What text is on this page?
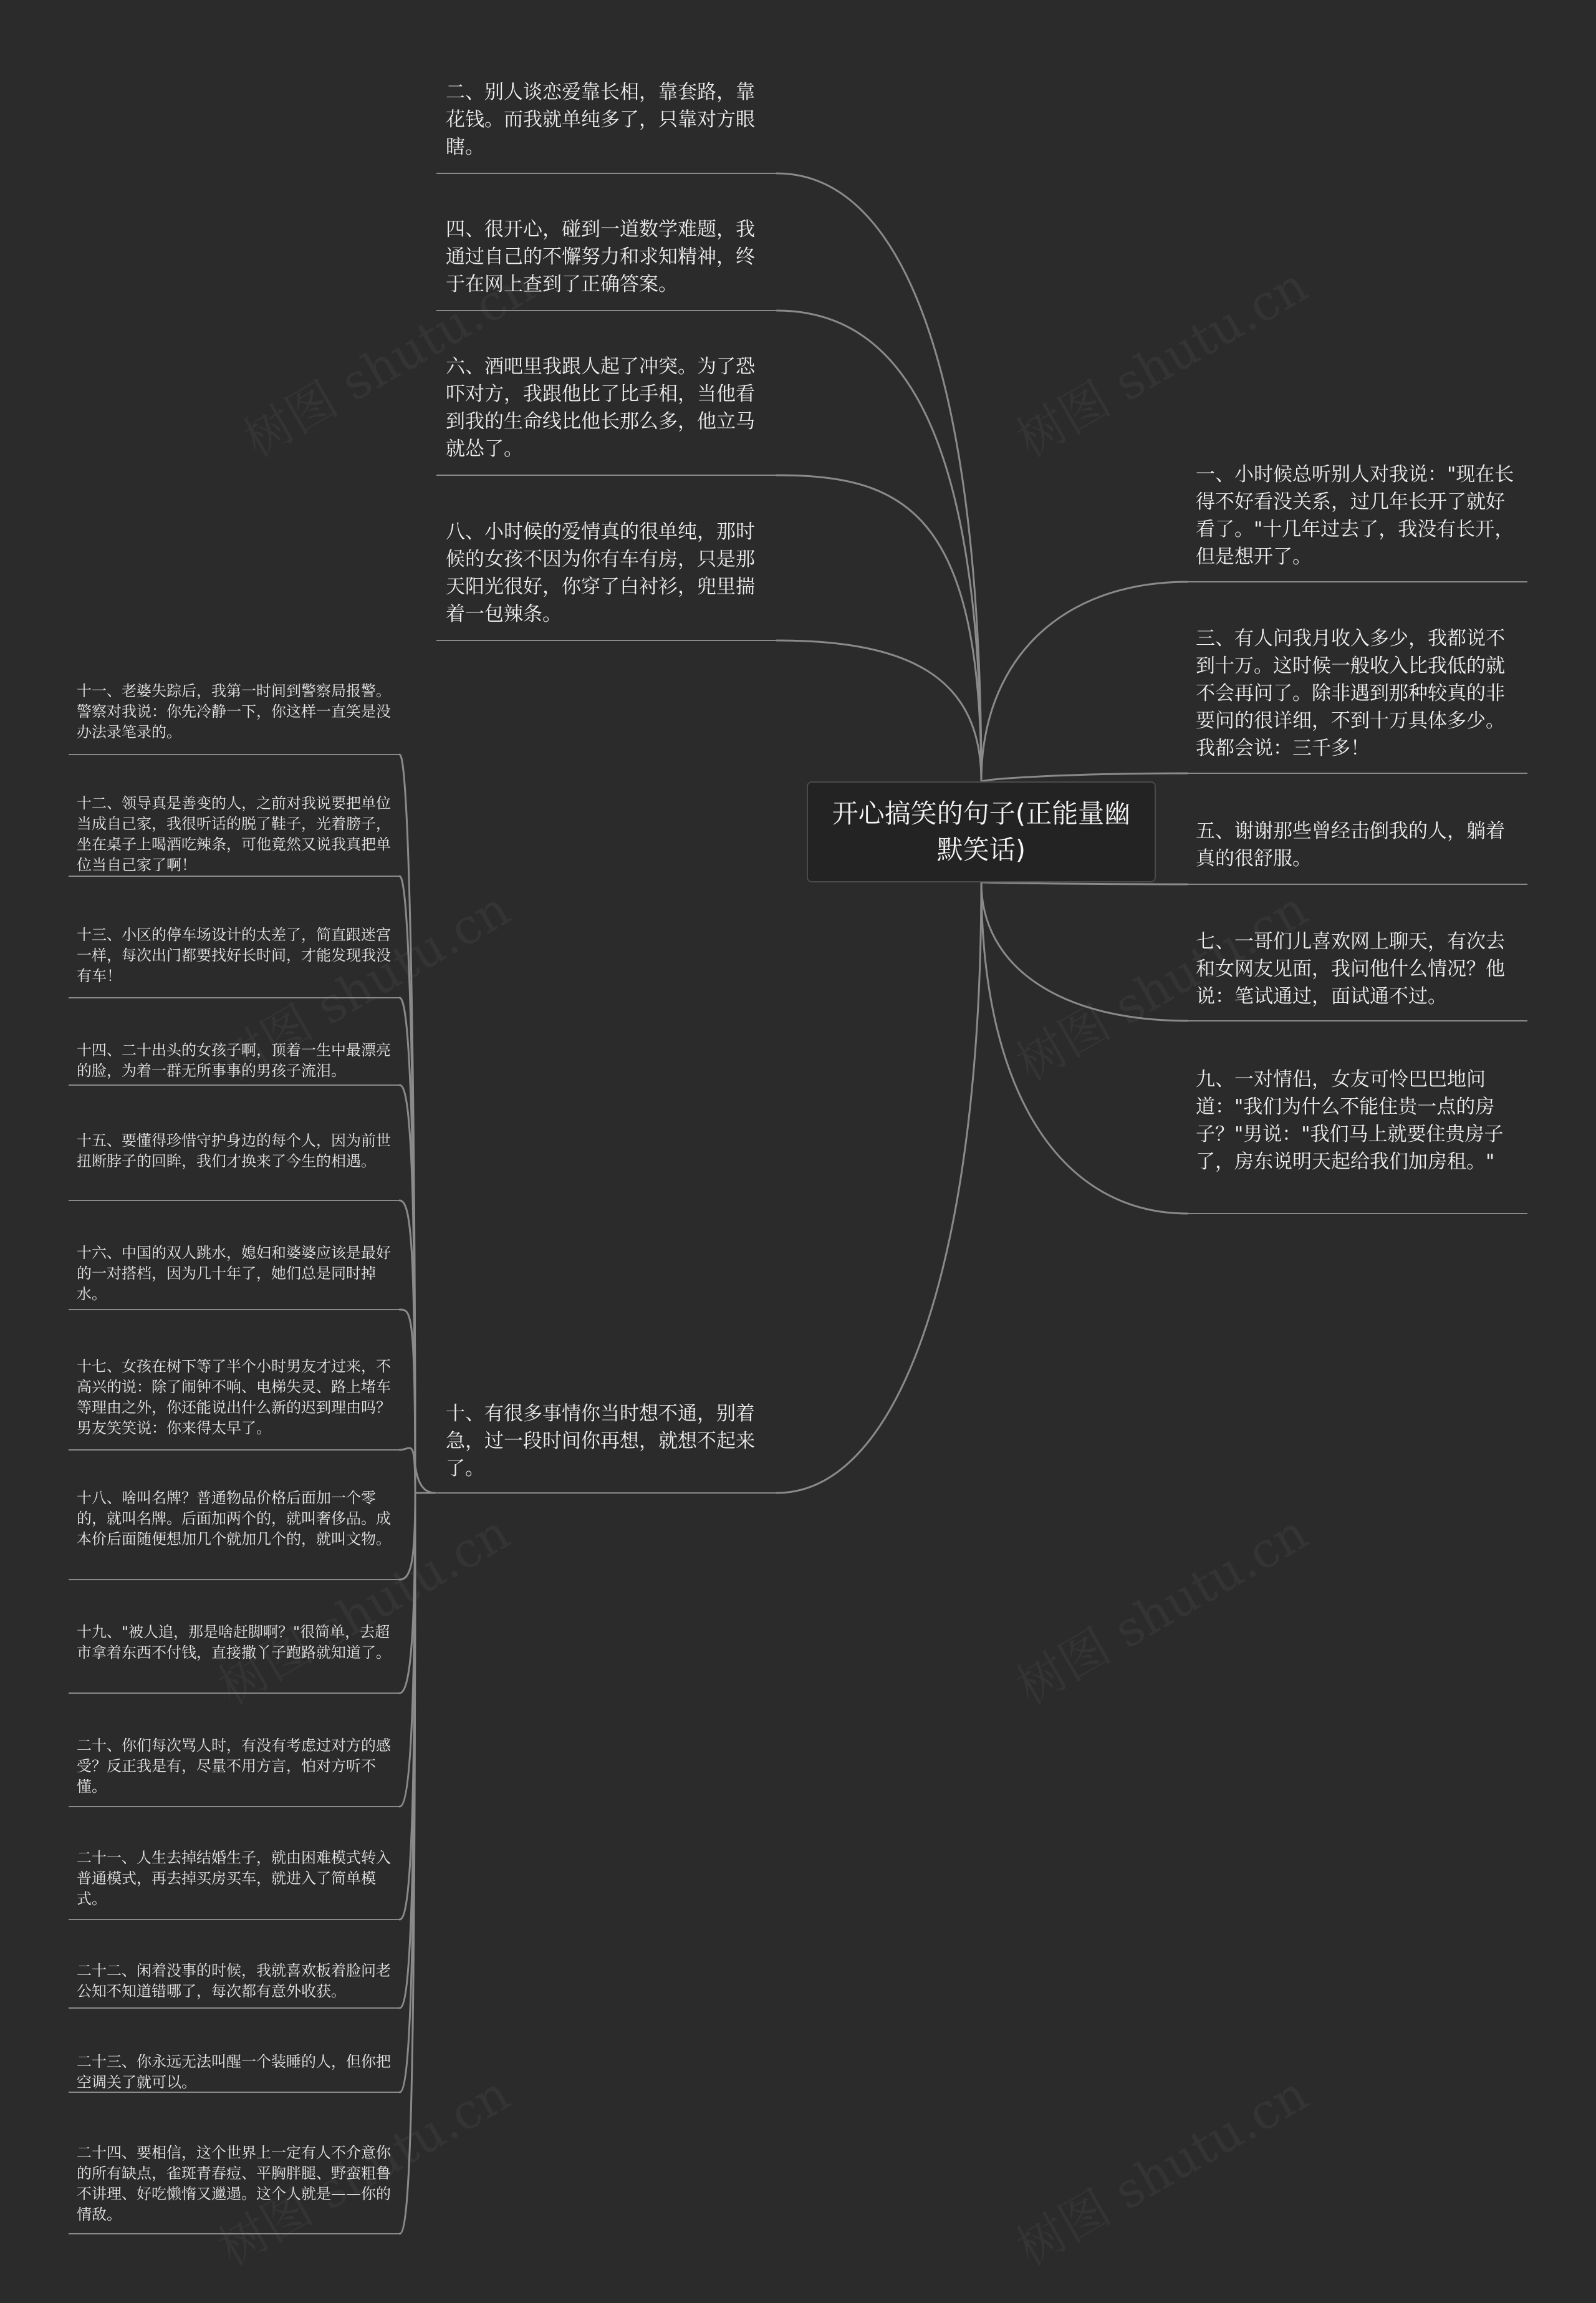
开心搞笑的句子(正能量幽默笑话)
二、别人谈恋爱靠长相，靠套路，靠花钱。而我就单纯多了，只靠对方眼瞎。
四、很开心，碰到一道数学难题，我通过自己的不懈努力和求知精神，终于在网上查到了正确答案。
六、酒吧里我跟人起了冲突。为了恐吓对方，我跟他比了比手相，当他看到我的生命线比他长那么多，他立马就怂了。
八、小时候的爱情真的很单纯，那时候的女孩不因为你有车有房，只是那天阳光很好，你穿了白衬衫，兜里揣着一包辣条。
一、小时候总听别人对我说："现在长得不好看没关系，过几年长开了就好看了。"十几年过去了，我没有长开，但是想开了。
三、有人问我月收入多少，我都说不到十万。这时候一般收入比我低的就不会再问了。除非遇到那种较真的非要问的很详细，不到十万具体多少。我都会说：三千多！
五、谢谢那些曾经击倒我的人，躺着真的很舒服。
七、一哥们儿喜欢网上聊天，有次去和女网友见面，我问他什么情况？他说：笔试通过，面试通不过。
九、一对情侣，女友可怜巴巴地问道："我们为什么不能住贵一点的房子？"男说："我们马上就要住贵房子了，房东说明天起给我们加房租。"
十、有很多事情你当时想不通，别着急，过一段时间你再想，就想不起来了。
十一、老婆失踪后，我第一时间到警察局报警。警察对我说：你先冷静一下，你这样一直笑是没办法录笔录的。
十二、领导真是善变的人，之前对我说要把单位当成自己家，我很听话的脱了鞋子，光着膀子，坐在桌子上喝酒吃辣条，可他竟然又说我真把单位当自己家了啊！
十三、小区的停车场设计的太差了，简直跟迷宫一样，每次出门都要找好长时间，才能发现我没有车！
十四、二十出头的女孩子啊，顶着一生中最漂亮的脸，为着一群无所事事的男孩子流泪。
十五、要懂得珍惜守护身边的每个人，因为前世扭断脖子的回眸，我们才换来了今生的相遇。
十六、中国的双人跳水，媳妇和婆婆应该是最好的一对搭档，因为几十年了，她们总是同时掉水。
十七、女孩在树下等了半个小时男友才过来，不高兴的说：除了闹钟不响、电梯失灵、路上堵车等理由之外，你还能说出什么新的迟到理由吗？男友笑笑说：你来得太早了。
十八、啥叫名牌？普通物品价格后面加一个零的，就叫名牌。后面加两个的，就叫奢侈品。成本价后面随便想加几个就加几个的，就叫文物。
十九、"被人追，那是啥赶脚啊？"很简单，去超市拿着东西不付钱，直接撒丫子跑路就知道了。
二十、你们每次骂人时，有没有考虑过对方的感受？反正我是有，尽量不用方言，怕对方听不懂。
二十一、人生去掉结婚生子，就由困难模式转入普通模式，再去掉买房买车，就进入了简单模式。
二十二、闲着没事的时候，我就喜欢板着脸问老公知不知道错哪了，每次都有意外收获。
二十三、你永远无法叫醒一个装睡的人，但你把空调关了就可以。
二十四、要相信，这个世界上一定有人不介意你的所有缺点，雀斑青春痘、平胸胖腿、野蛮粗鲁不讲理、好吃懒惰又邋遢。这个人就是——你的情敌。
